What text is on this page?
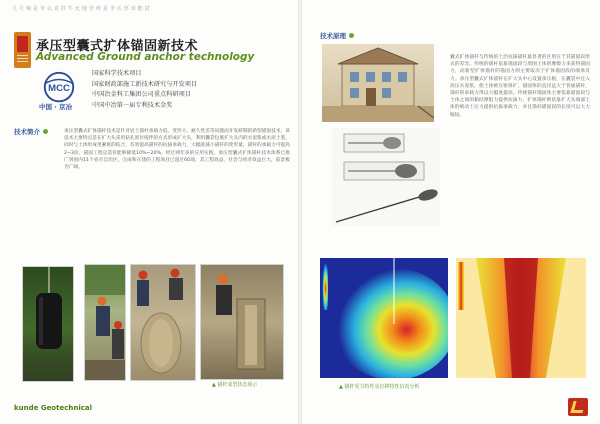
九 月 城 是 李 认 真 挂 牛 允 地 李 呼 是 李 认 厚 该 能 鼓
承压型囊式扩体锚固新技术
Advanced Ground anchor technology
MCC
中国 · 京冶
国家科学技术项目
国家财政部施工新技术研究与开发项目
中国冶金科工集团公司重点科研项目
中国中冶第一届专利技术金奖
技术简介	承压型囊式扩体锚杆技术是针对岩土锚杆承载力低、变形大、耐久性差等问题而开发研制的新型锚固技术，该技术主要特点是在扩大头采用钻孔原位搅拌的方式形成扩大头，利用囊袋包裹扩大头内的水泥浆或水泥土浆，同时与土体形成更紧密的结合，有效提高锚杆的抗拔承载力，大幅度减小锚杆的变形量，锚杆的承载力可提高2~3倍，锚固工程总造价能够降低10%~20%，经过两年多的应用实践，承压型囊式扩体锚杆技术体系已推广到国内11个省市自治区，完成和在建的工程项目已超过60项，其工程效益、社会与经济效益巨大，前景极为广阔。
▲ 锚杆成型状态展示
kunde Geotechnical
技术原理
囊式扩体锚杆与传统的土层抗拔锚杆最显著的区别在于其锚固段形式的差异。传统的锚杆依靠锚固段与周围土体的摩擦力来获得锚固力，而新型扩体锚杆的锚固力则主要取决于扩体锚固段的端承反力。承压型囊式扩体锚杆在扩大头中心设置承压板，在囊袋中注入高压水泥浆，使土体被压密挤扩，锚固体的直径远大于普通锚杆，锚杆的承载力得以大幅度提高。传统锚杆锚固体主要依靠锚固段与土体之间的黏结摩阻力提供抗拔力，扩体锚杆则依靠扩大头端部土体的被动土压力提供抗拔承载力，并且锚杆锚固段的长度可以大大缩短。
▲ 锚杆受力特性及位移特性仿真分析
